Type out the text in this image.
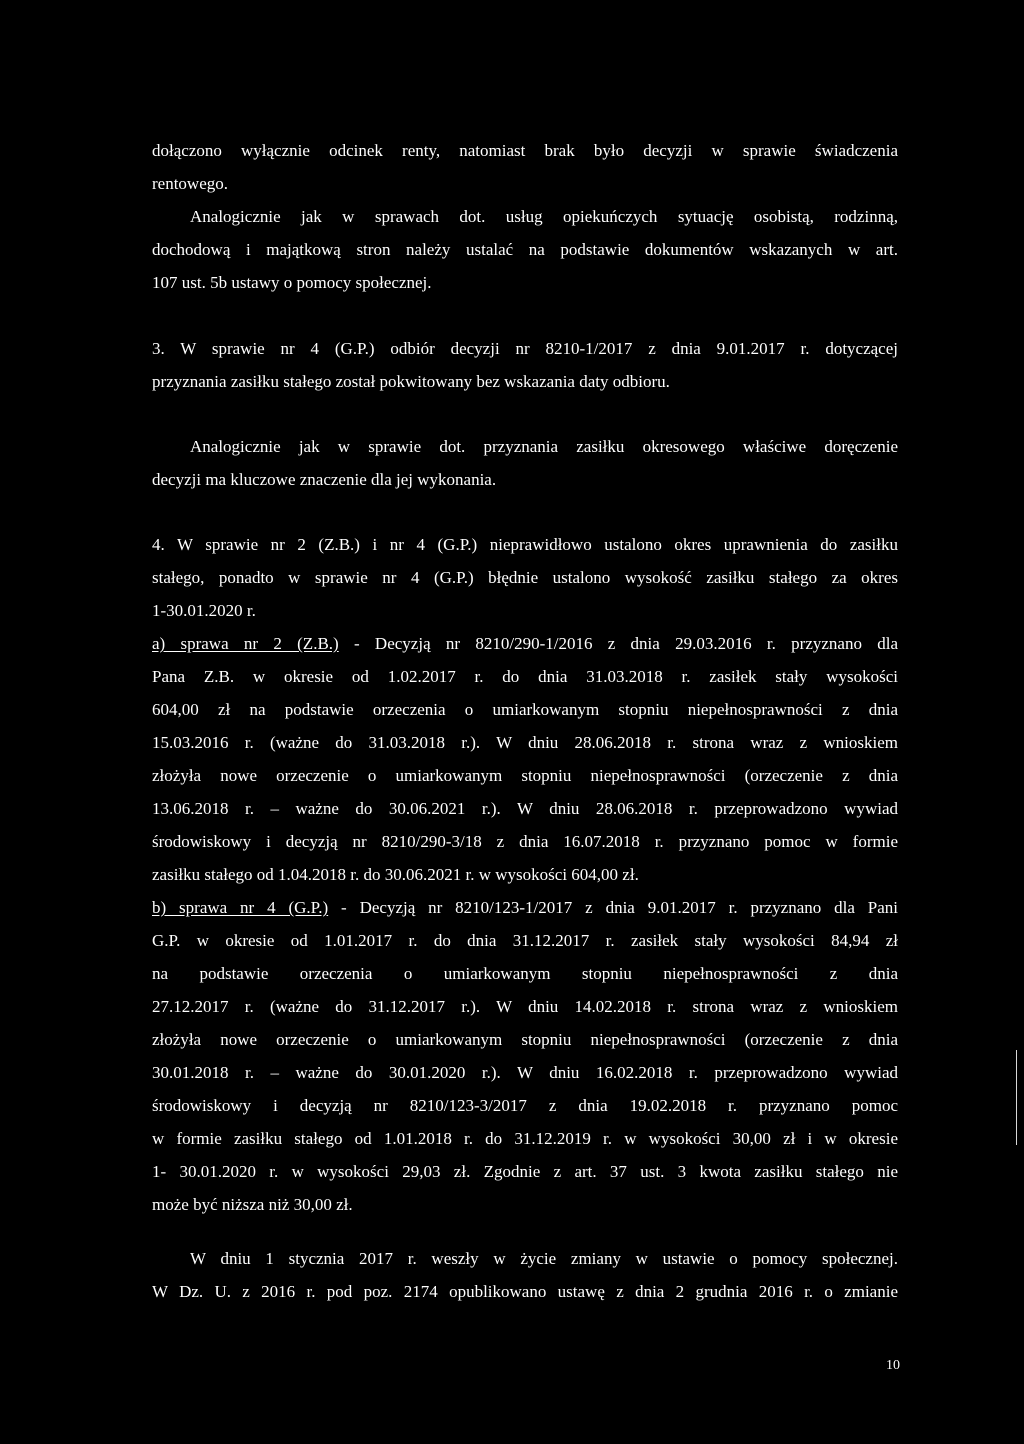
dołączono wyłącznie odcinek renty, natomiast brak było decyzji w sprawie świadczenia
rentowego.
Analogicznie jak w sprawach dot. usług opiekuńczych sytuację osobistą, rodzinną,
dochodową i majątkową stron należy ustalać na podstawie dokumentów wskazanych w art.
107 ust. 5b ustawy o pomocy społecznej.
3. W sprawie nr 4 (G.P.) odbiór decyzji nr 8210-1/2017 z dnia 9.01.2017 r. dotyczącej
przyznania zasiłku stałego został pokwitowany bez wskazania daty odbioru.
Analogicznie jak w sprawie dot. przyznania zasiłku okresowego właściwe doręczenie
decyzji ma kluczowe znaczenie dla jej wykonania.
4. W sprawie nr 2 (Z.B.) i nr 4 (G.P.) nieprawidłowo ustalono okres uprawnienia do zasiłku
stałego, ponadto w sprawie nr 4 (G.P.) błędnie ustalono wysokość zasiłku stałego za okres
1-30.01.2020 r.
a) sprawa nr 2 (Z.B.) - Decyzją nr 8210/290-1/2016 z dnia 29.03.2016 r. przyznano dla
Pana Z.B. w okresie od 1.02.2017 r. do dnia 31.03.2018 r. zasiłek stały wysokości
604,00 zł na podstawie orzeczenia o umiarkowanym stopniu niepełnosprawności z dnia
15.03.2016 r. (ważne do 31.03.2018 r.). W dniu 28.06.2018 r. strona wraz z wnioskiem
złożyła nowe orzeczenie o umiarkowanym stopniu niepełnosprawności (orzeczenie z dnia
13.06.2018 r. – ważne do 30.06.2021 r.). W dniu 28.06.2018 r. przeprowadzono wywiad
środowiskowy i decyzją nr 8210/290-3/18 z dnia 16.07.2018 r. przyznano pomoc w formie
zasiłku stałego od 1.04.2018 r. do 30.06.2021 r. w wysokości 604,00 zł.
b) sprawa nr 4 (G.P.) - Decyzją nr 8210/123-1/2017 z dnia 9.01.2017 r. przyznano dla Pani
G.P. w okresie od 1.01.2017 r. do dnia 31.12.2017 r. zasiłek stały wysokości 84,94 zł
na podstawie orzeczenia o umiarkowanym stopniu niepełnosprawności z dnia
27.12.2017 r. (ważne do 31.12.2017 r.). W dniu 14.02.2018 r. strona wraz z wnioskiem
złożyła nowe orzeczenie o umiarkowanym stopniu niepełnosprawności (orzeczenie z dnia
30.01.2018 r. – ważne do 30.01.2020 r.). W dniu 16.02.2018 r. przeprowadzono wywiad
środowiskowy i decyzją nr 8210/123-3/2017 z dnia 19.02.2018 r. przyznano pomoc
w formie zasiłku stałego od 1.01.2018 r. do 31.12.2019 r. w wysokości 30,00 zł i w okresie
1- 30.01.2020 r. w wysokości 29,03 zł. Zgodnie z art. 37 ust. 3 kwota zasiłku stałego nie
może być niższa niż 30,00 zł.
W dniu 1 stycznia 2017 r. weszły w życie zmiany w ustawie o pomocy społecznej.
W Dz. U. z 2016 r. pod poz. 2174 opublikowano ustawę z dnia 2 grudnia 2016 r. o zmianie
10
